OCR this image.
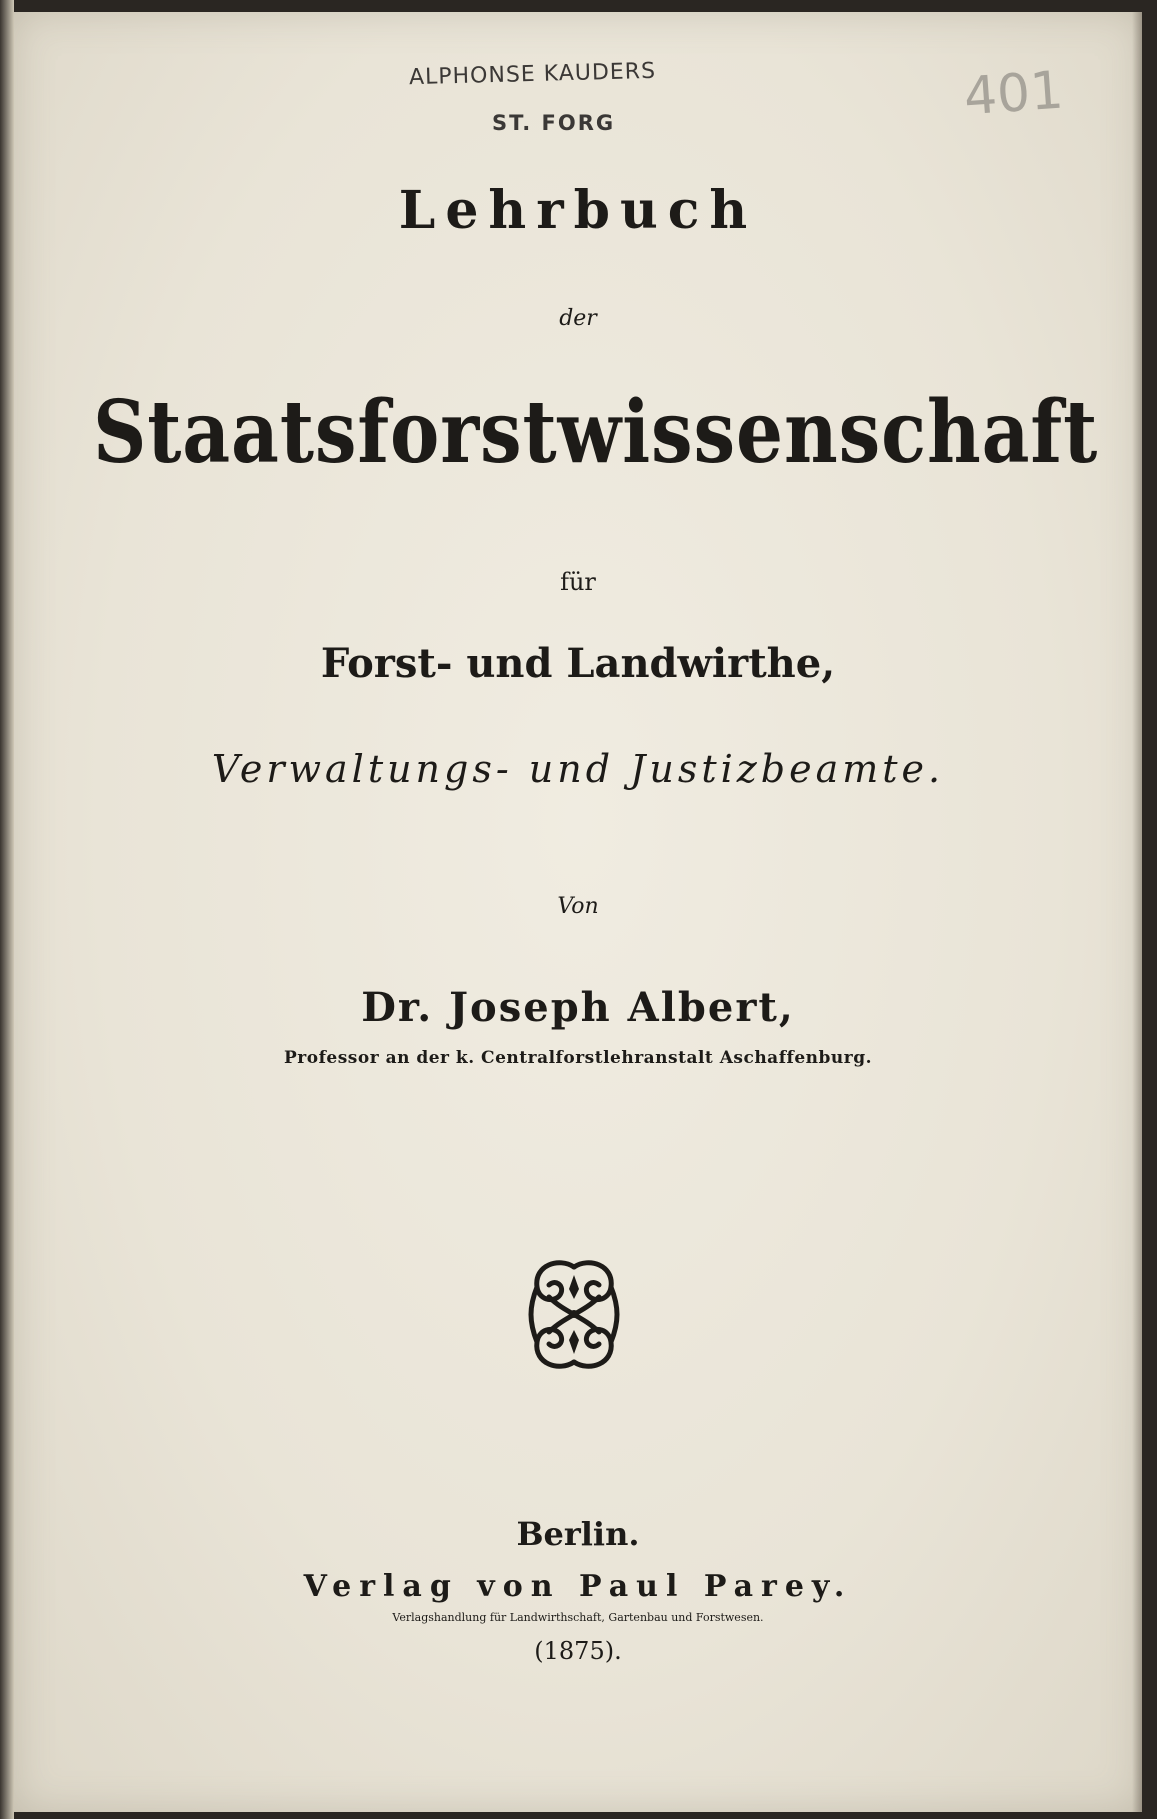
ALPHONSE KAUDERS
ST. FORG	401
Lehrbuch
der
Staatsforstwissenschaft
für
Forst- und Landwirthe,
Verwaltungs- und Justizbeamte.
Von
Dr. Joseph Albert,
Professor an der k. Centralforstlehranstalt Aschaffenburg.
Berlin.
Verlag von Paul Parey.
Verlagshandlung für Landwirthschaft, Gartenbau und Forstwesen.
(1875).
